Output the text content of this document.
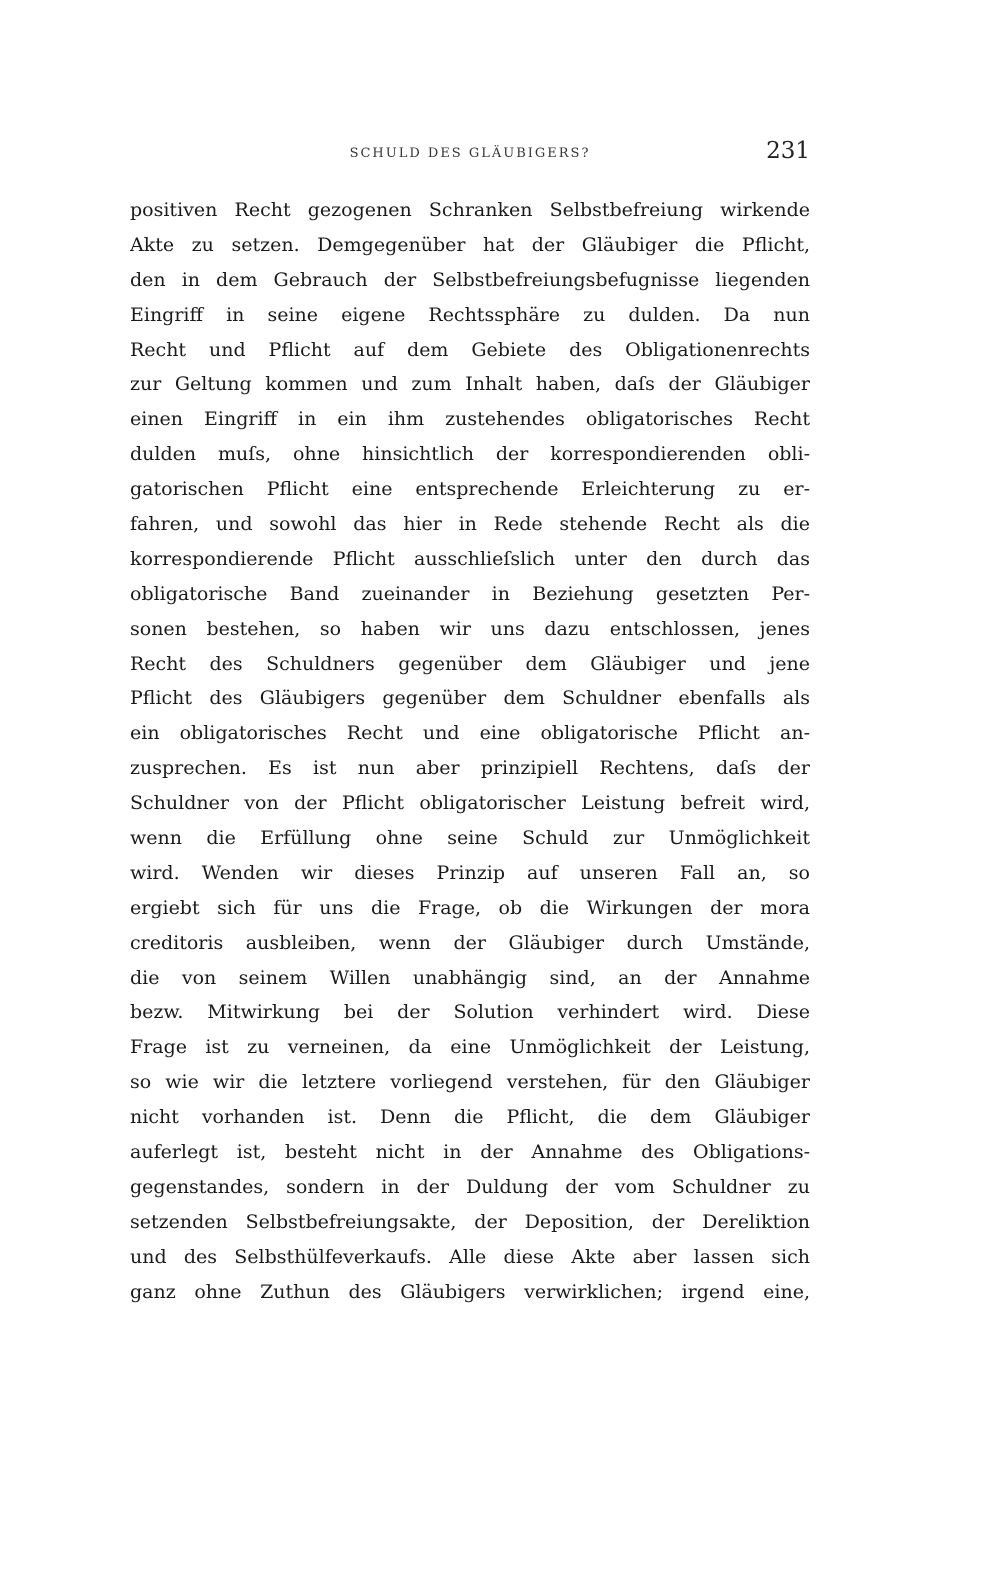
SCHULD DES GLÄUBIGERS?	231
positiven Recht gezogenen Schranken Selbstbefreiung wirkende
Akte zu setzen. Demgegenüber hat der Gläubiger die Pflicht,
den in dem Gebrauch der Selbstbefreiungsbefugnisse liegenden
Eingriff in seine eigene Rechtssphäre zu dulden. Da nun
Recht und Pflicht auf dem Gebiete des Obligationenrechts
zur Geltung kommen und zum Inhalt haben, daſs der Gläubiger
einen Eingriff in ein ihm zustehendes obligatorisches Recht
dulden muſs, ohne hinsichtlich der korrespondierenden obli-
gatorischen Pflicht eine entsprechende Erleichterung zu er-
fahren, und sowohl das hier in Rede stehende Recht als die
korrespondierende Pflicht ausschlieſslich unter den durch das
obligatorische Band zueinander in Beziehung gesetzten Per-
sonen bestehen, so haben wir uns dazu entschlossen, jenes
Recht des Schuldners gegenüber dem Gläubiger und jene
Pflicht des Gläubigers gegenüber dem Schuldner ebenfalls als
ein obligatorisches Recht und eine obligatorische Pflicht an-
zusprechen. Es ist nun aber prinzipiell Rechtens, daſs der
Schuldner von der Pflicht obligatorischer Leistung befreit wird,
wenn die Erfüllung ohne seine Schuld zur Unmöglichkeit
wird. Wenden wir dieses Prinzip auf unseren Fall an, so
ergiebt sich für uns die Frage, ob die Wirkungen der mora
creditoris ausbleiben, wenn der Gläubiger durch Umstände,
die von seinem Willen unabhängig sind, an der Annahme
bezw. Mitwirkung bei der Solution verhindert wird. Diese
Frage ist zu verneinen, da eine Unmöglichkeit der Leistung,
so wie wir die letztere vorliegend verstehen, für den Gläubiger
nicht vorhanden ist. Denn die Pflicht, die dem Gläubiger
auferlegt ist, besteht nicht in der Annahme des Obligations-
gegenstandes, sondern in der Duldung der vom Schuldner zu
setzenden Selbstbefreiungsakte, der Deposition, der Dereliktion
und des Selbsthülfeverkaufs. Alle diese Akte aber lassen sich
ganz ohne Zuthun des Gläubigers verwirklichen; irgend eine,
